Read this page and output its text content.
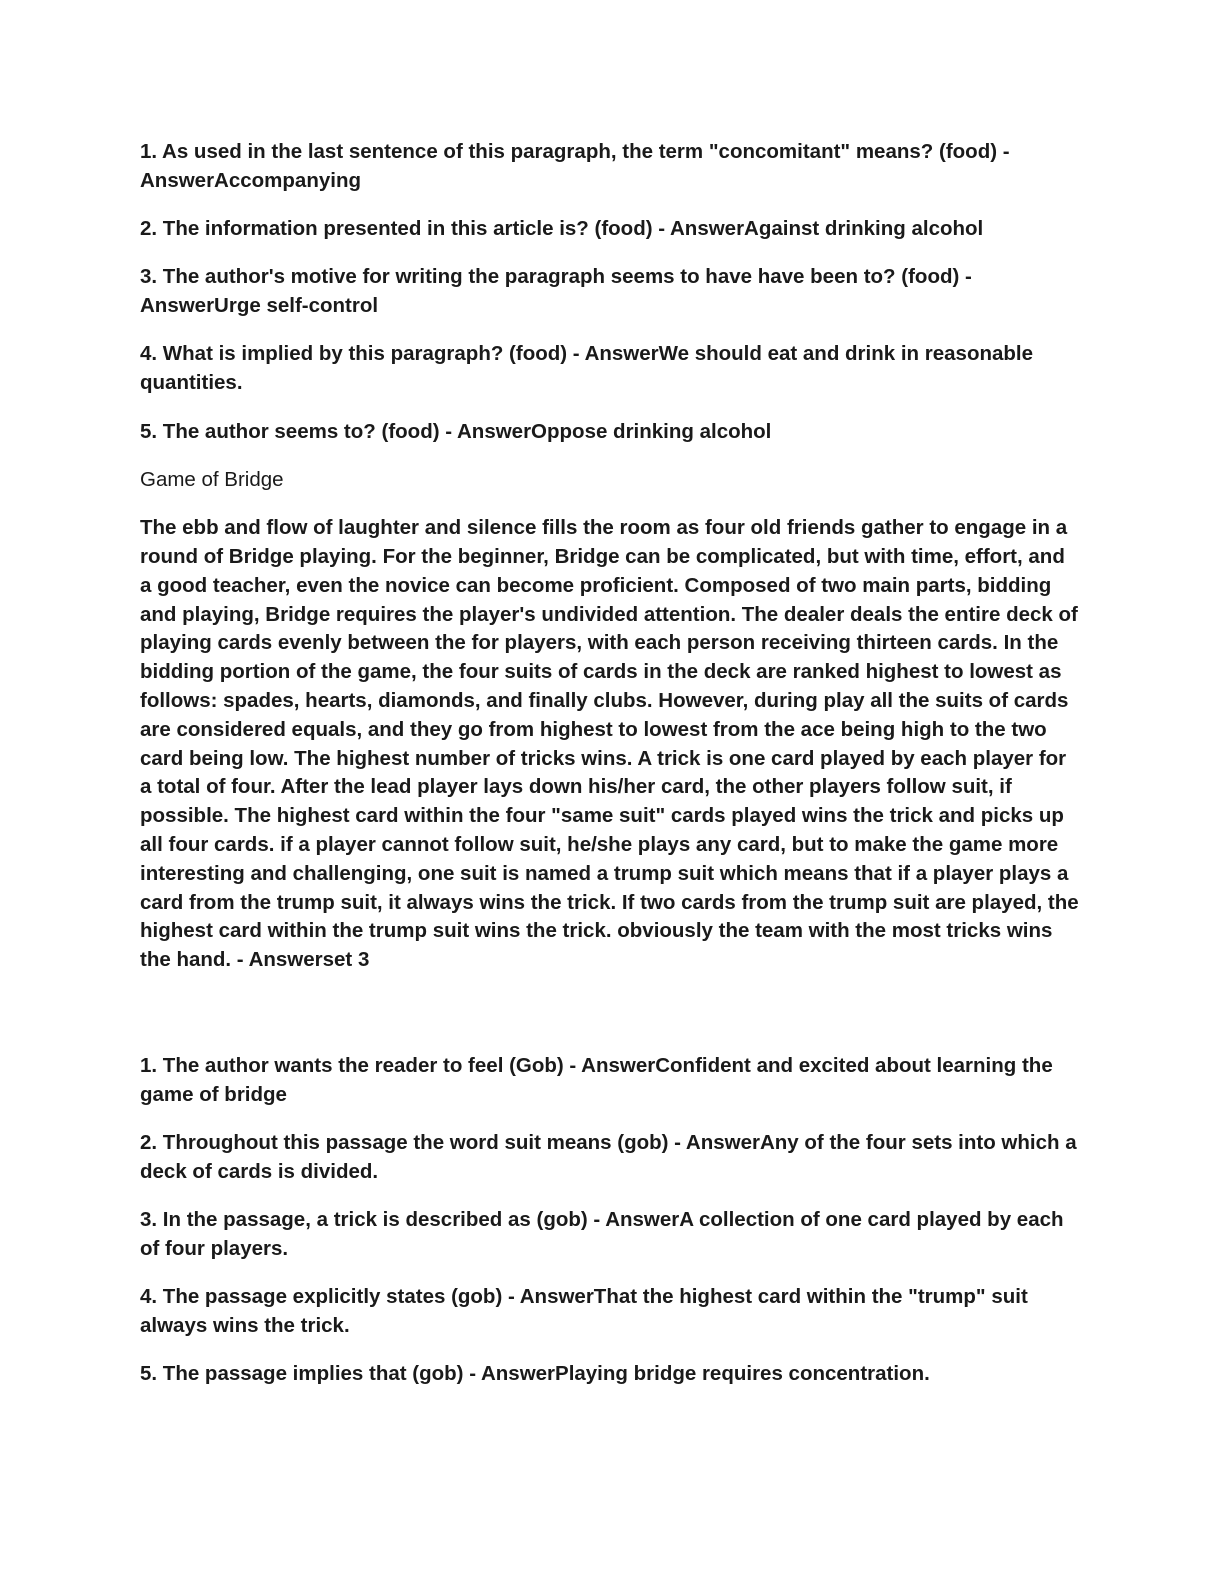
1. As used in the last sentence of this paragraph, the term "concomitant" means? (food) - AnswerAccompanying

2. The information presented in this article is? (food) - AnswerAgainst drinking alcohol

3. The author's motive for writing the paragraph seems to have have been to? (food) - AnswerUrge self-control

4. What is implied by this paragraph? (food) - AnswerWe should eat and drink in reasonable quantities.

5. The author seems to? (food) - AnswerOppose drinking alcohol

Game of Bridge

The ebb and flow of laughter and silence fills the room as four old friends gather to engage in a round of Bridge playing. For the beginner, Bridge can be complicated, but with time, effort, and a good teacher, even the novice can become proficient. Composed of two main parts, bidding and playing, Bridge requires the player's undivided attention. The dealer deals the entire deck of playing cards evenly between the for players, with each person receiving thirteen cards. In the bidding portion of the game, the four suits of cards in the deck are ranked highest to lowest as follows: spades, hearts, diamonds, and finally clubs. However, during play all the suits of cards are considered equals, and they go from highest to lowest from the ace being high to the two card being low. The highest number of tricks wins. A trick is one card played by each player for a total of four. After the lead player lays down his/her card, the other players follow suit, if possible. The highest card within the four "same suit" cards played wins the trick and picks up all four cards. if a player cannot follow suit, he/she plays any card, but to make the game more interesting and challenging, one suit is named a trump suit which means that if a player plays a card from the trump suit, it always wins the trick. If two cards from the trump suit are played, the highest card within the trump suit wins the trick. obviously the team with the most tricks wins the hand. - Answerset 3

1. The author wants the reader to feel (Gob) - AnswerConfident and excited about learning the game of bridge

2. Throughout this passage the word suit means (gob) - AnswerAny of the four sets into which a deck of cards is divided.

3. In the passage, a trick is described as (gob) - AnswerA collection of one card played by each of four players.

4. The passage explicitly states (gob) - AnswerThat the highest card within the "trump" suit always wins the trick.

5. The passage implies that (gob) - AnswerPlaying bridge requires concentration.
